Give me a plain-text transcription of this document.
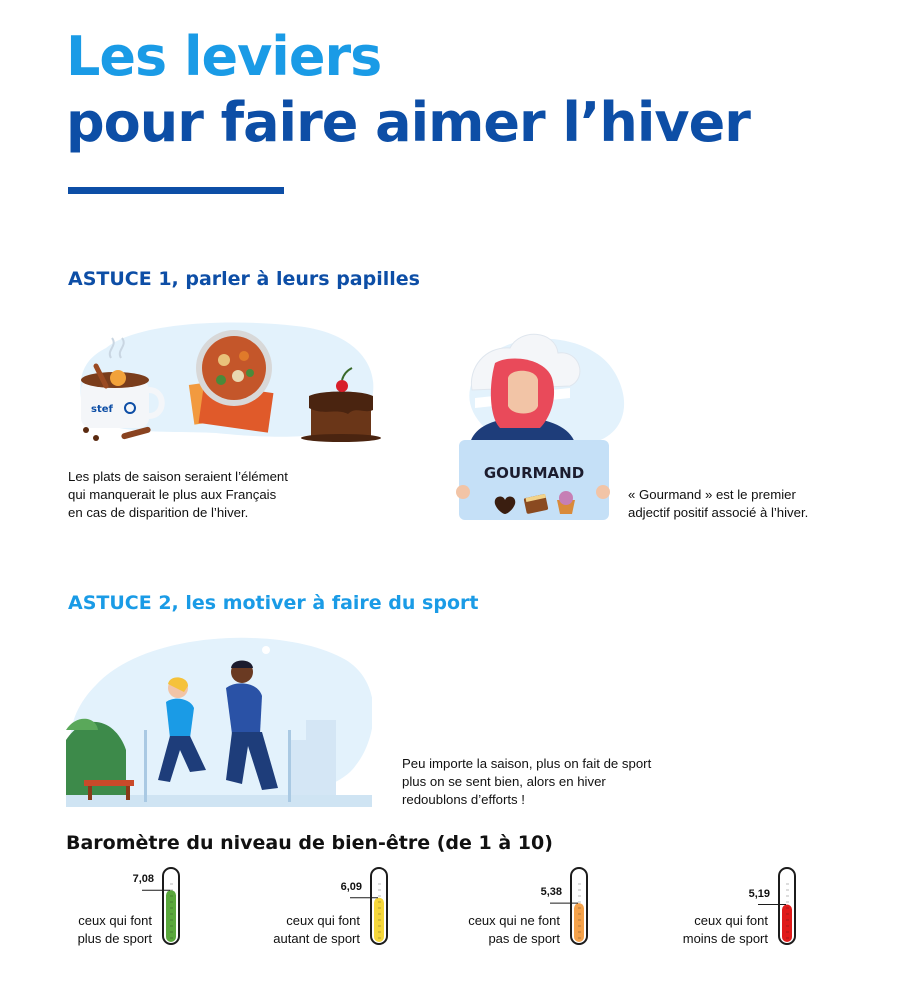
Les leviers
pour faire aimer l’hiver
ASTUCE 1, parler à leurs papilles
stef
Les plats de saison seraient l’élément
qui manquerait le plus aux Français
en cas de disparition de l’hiver.
GOURMAND
« Gourmand » est le premier
adjectif positif associé à l’hiver.
ASTUCE 2, les motiver à faire du sport
Peu importe la saison, plus on fait de sport
plus on se sent bien, alors en hiver
redoublons d’efforts !
Baromètre du niveau de bien-être (de 1 à 10)
7,08
ceux qui font
plus de sport
6,09
ceux qui font
autant de sport
5,38
ceux qui ne font
pas de sport
5,19
ceux qui font
moins de sport
